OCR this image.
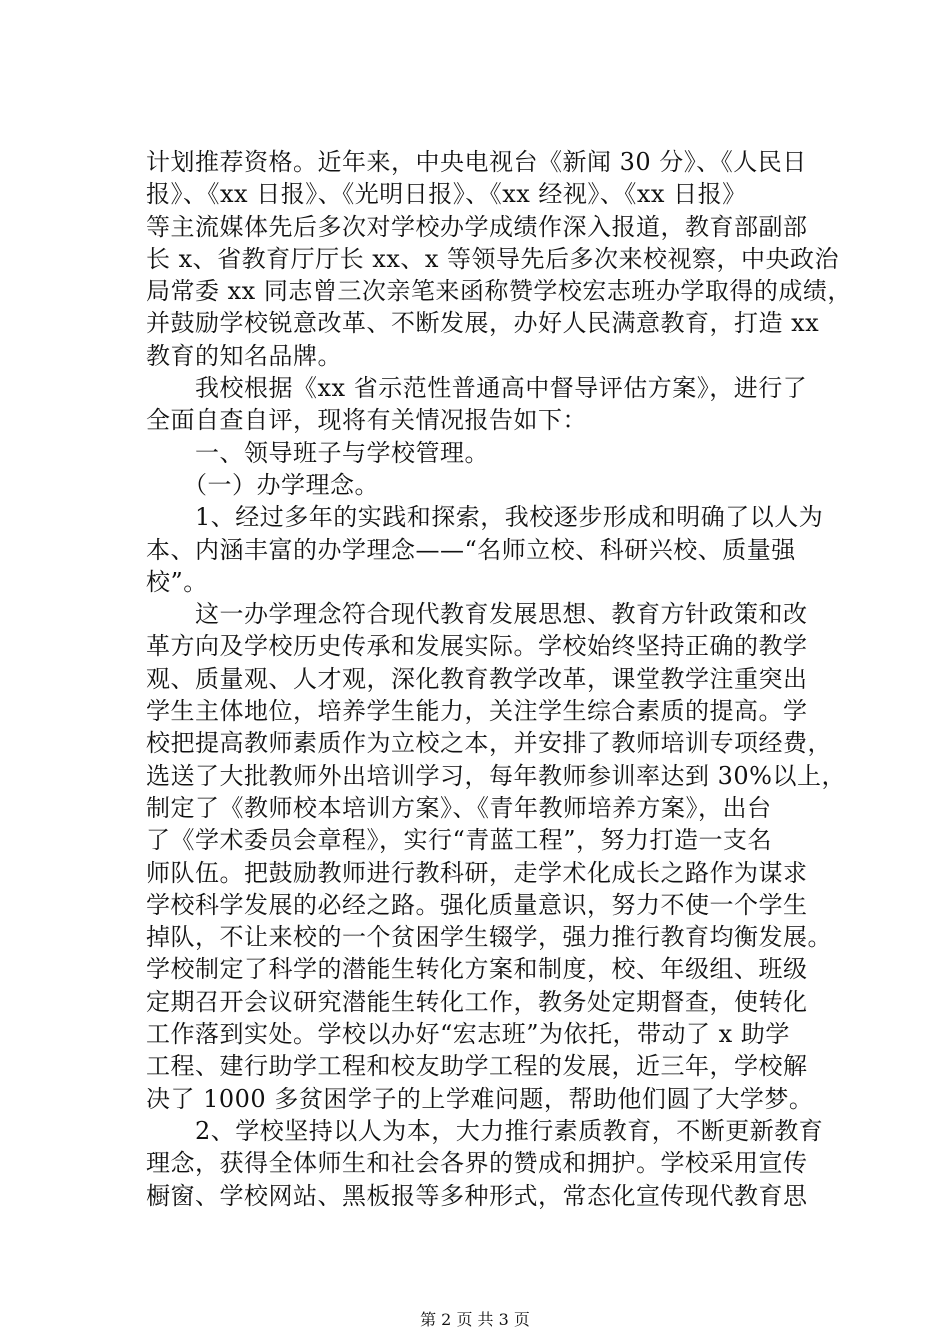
计划推荐资格。近年来，中央电视台《新闻 30 分》、《人民日
报》、《xx 日报》、《光明日报》、《xx 经视》、《xx 日报》
等主流媒体先后多次对学校办学成绩作深入报道，教育部副部
长 x、省教育厅厅长 xx、x 等领导先后多次来校视察，中央政治
局常委 xx 同志曾三次亲笔来函称赞学校宏志班办学取得的成绩，
并鼓励学校锐意改革、不断发展，办好人民满意教育，打造 xx
教育的知名品牌。
　　我校根据《xx 省示范性普通高中督导评估方案》，进行了
全面自查自评，现将有关情况报告如下：
　　一、领导班子与学校管理。
　　（一）办学理念。
　　1、经过多年的实践和探索，我校逐步形成和明确了以人为
本、内涵丰富的办学理念——“名师立校、科研兴校、质量强
校”。
　　这一办学理念符合现代教育发展思想、教育方针政策和改
革方向及学校历史传承和发展实际。学校始终坚持正确的教学
观、质量观、人才观，深化教育教学改革，课堂教学注重突出
学生主体地位，培养学生能力，关注学生综合素质的提高。学
校把提高教师素质作为立校之本，并安排了教师培训专项经费，
选送了大批教师外出培训学习，每年教师参训率达到 30%以上，
制定了《教师校本培训方案》、《青年教师培养方案》，出台
了《学术委员会章程》，实行“青蓝工程”，努力打造一支名
师队伍。把鼓励教师进行教科研，走学术化成长之路作为谋求
学校科学发展的必经之路。强化质量意识，努力不使一个学生
掉队，不让来校的一个贫困学生辍学，强力推行教育均衡发展。
学校制定了科学的潜能生转化方案和制度，校、年级组、班级
定期召开会议研究潜能生转化工作，教务处定期督查，使转化
工作落到实处。学校以办好“宏志班”为依托，带动了 x 助学
工程、建行助学工程和校友助学工程的发展，近三年，学校解
决了 1000 多贫困学子的上学难问题，帮助他们圆了大学梦。
　　2、学校坚持以人为本，大力推行素质教育，不断更新教育
理念，获得全体师生和社会各界的赞成和拥护。学校采用宣传
橱窗、学校网站、黑板报等多种形式，常态化宣传现代教育思
第 2 页 共 3 页
